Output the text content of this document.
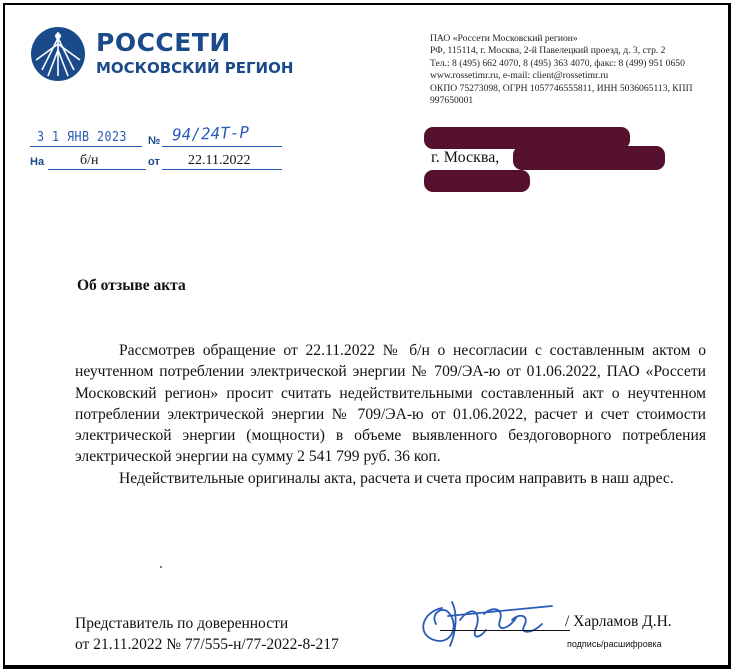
РОССЕТИ
МОСКОВСКИЙ РЕГИОН
ПАО «Россети Московский регион»
РФ, 115114, г. Москва, 2-й Павелецкий проезд, д. 3, стр. 2
Тел.: 8 (495) 662 4070, 8 (495) 363 4070, факс: 8 (499) 951 0650
www.rossetimr.ru, e-mail: client@rossetimr.ru
ОКПО 75273098, ОГРН 1057746555811, ИНН 5036065113, КПП
997650001
3 1 ЯНВ 2023 № 94/24Т-Р
На	б/н	от 22.11.2022	г. Москва,
Об отзыве акта

Рассмотрев обращение от 22.11.2022 № б/н о несогласии с составленным актом о неучтенном потреблении электрической энергии № 709/ЭА-ю от 01.06.2022, ПАО «Россети Московский регион» просит считать недействительными составленный акт о неучтенном потреблении электрической энергии № 709/ЭА-ю от 01.06.2022, расчет и счет стоимости электрической энергии (мощности) в объеме выявленного бездоговорного потребления электрической энергии на сумму 2 541 799 руб. 36 коп.

Недействительные оригиналы акта, расчета и счета просим направить в наш адрес.

Представитель по доверенности
от 21.11.2022 № 77/555-н/77-2022-8-217
/ Харламов Д.Н.
подпись/расшифровка
